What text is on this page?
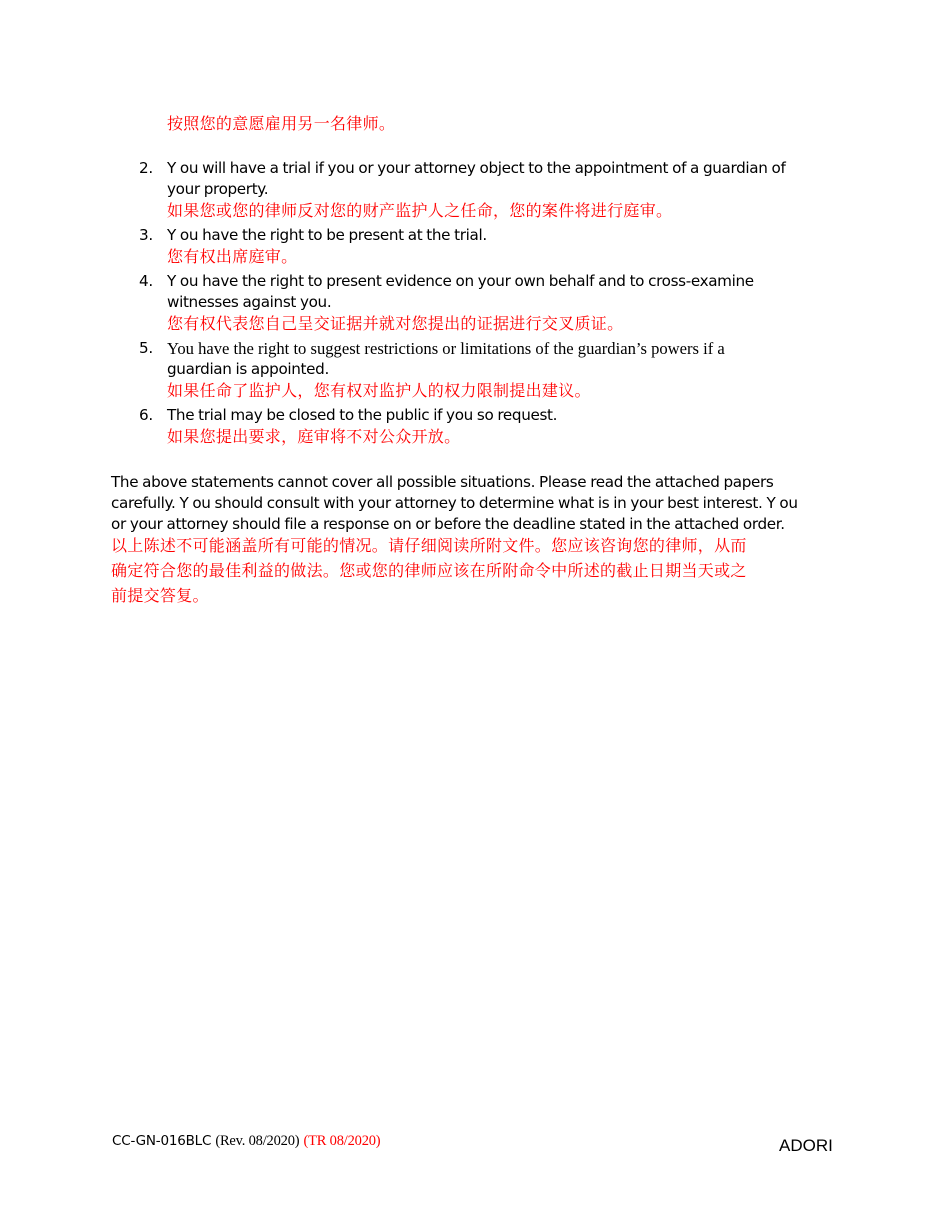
按照您的意愿雇用另一名律师。
2. Y ou will have a trial if you or your attorney object to the appointment of a guardian of
your property.
如果您或您的律师反对您的财产监护人之任命，您的案件将进行庭审。
3. Y ou have the right to be present at the trial.
您有权出席庭审。
4. Y ou have the right to present evidence on your own behalf and to cross-examine
witnesses against you.
您有权代表您自己呈交证据并就对您提出的证据进行交叉质证。
5. You have the right to suggest restrictions or limitations of the guardian’s powers if a
guardian is appointed.
如果任命了监护人，您有权对监护人的权力限制提出建议。
6. The trial may be closed to the public if you so request.
如果您提出要求，庭审将不对公众开放。
The above statements cannot cover all possible situations. Please read the attached papers
carefully. Y ou should consult with your attorney to determine what is in your best interest. Y ou
or your attorney should file a response on or before the deadline stated in the attached order.
以上陈述不可能涵盖所有可能的情况。请仔细阅读所附文件。您应该咨询您的律师，从而
确定符合您的最佳利益的做法。您或您的律师应该在所附命令中所述的截止日期当天或之
前提交答复。
CC-GN-016BLC (Rev. 08/2020) (TR 08/2020)	ADORI
